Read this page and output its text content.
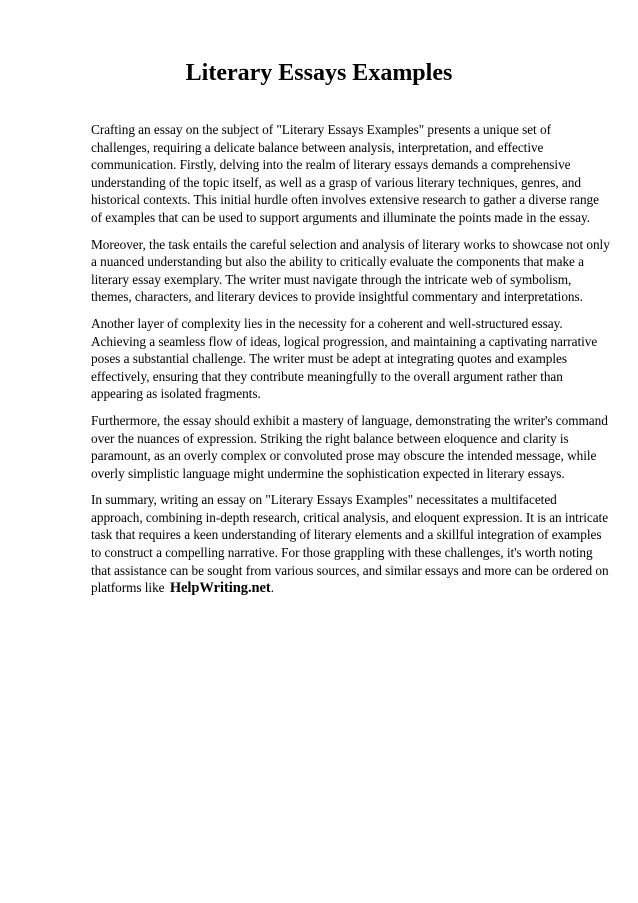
Literary Essays Examples

Crafting an essay on the subject of "Literary Essays Examples" presents a unique set of challenges, requiring a delicate balance between analysis, interpretation, and effective communication. Firstly, delving into the realm of literary essays demands a comprehensive understanding of the topic itself, as well as a grasp of various literary techniques, genres, and historical contexts. This initial hurdle often involves extensive research to gather a diverse range of examples that can be used to support arguments and illuminate the points made in the essay.

Moreover, the task entails the careful selection and analysis of literary works to showcase not only a nuanced understanding but also the ability to critically evaluate the components that make a literary essay exemplary. The writer must navigate through the intricate web of symbolism, themes, characters, and literary devices to provide insightful commentary and interpretations.

Another layer of complexity lies in the necessity for a coherent and well-structured essay. Achieving a seamless flow of ideas, logical progression, and maintaining a captivating narrative poses a substantial challenge. The writer must be adept at integrating quotes and examples effectively, ensuring that they contribute meaningfully to the overall argument rather than appearing as isolated fragments.

Furthermore, the essay should exhibit a mastery of language, demonstrating the writer's command over the nuances of expression. Striking the right balance between eloquence and clarity is paramount, as an overly complex or convoluted prose may obscure the intended message, while overly simplistic language might undermine the sophistication expected in literary essays.

In summary, writing an essay on "Literary Essays Examples" necessitates a multifaceted approach, combining in-depth research, critical analysis, and eloquent expression. It is an intricate task that requires a keen understanding of literary elements and a skillful integration of examples to construct a compelling narrative. For those grappling with these challenges, it's worth noting that assistance can be sought from various sources, and similar essays and more can be ordered on platforms like HelpWriting.net.
